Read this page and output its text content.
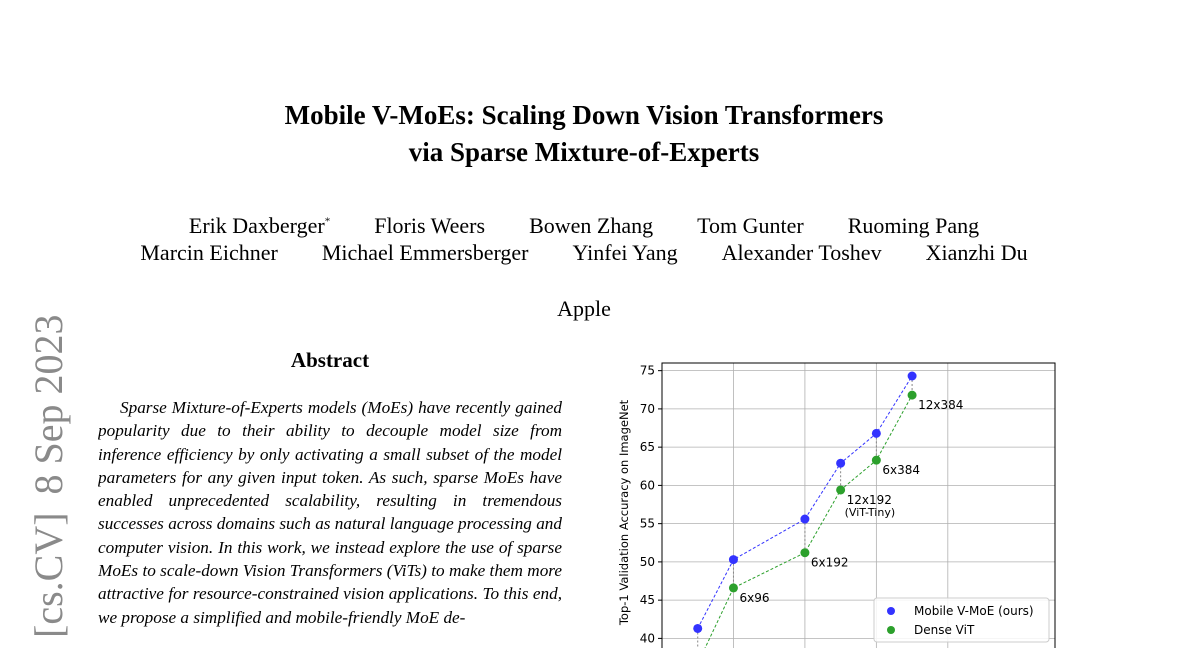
Mobile V-MoEs: Scaling Down Vision Transformers
via Sparse Mixture-of-Experts
Erik Daxberger* Floris Weers Bowen Zhang Tom Gunter Ruoming Pang
Marcin Eichner Michael Emmersberger Yinfei Yang Alexander Toshev Xianzhi Du
Apple
[cs.CV]8 Sep 2023	Abstract

Sparse Mixture-of-Experts models (MoEs) have recently gained popularity due to their ability to decouple model size from inference efficiency by only activating a small subset of the model parameters for any given input token. As such, sparse MoEs have enabled unprecedented scalability, resulting in tremendous successes across domains such as natural language processing and computer vision. In this work, we instead explore the use of sparse MoEs to scale-down Vision Transformers (ViTs) to make them more attractive for resource-constrained vision applications. To this end, we propose a simplified and mobile-friendly MoE de-

40
45
50
55
60
65
70
75
Top-1 Validation Accuracy on ImageNet	6x96
6x192
12x192
(ViT-Tiny)
6x384
12x384
Mobile V-MoE (ours)
Dense ViT
